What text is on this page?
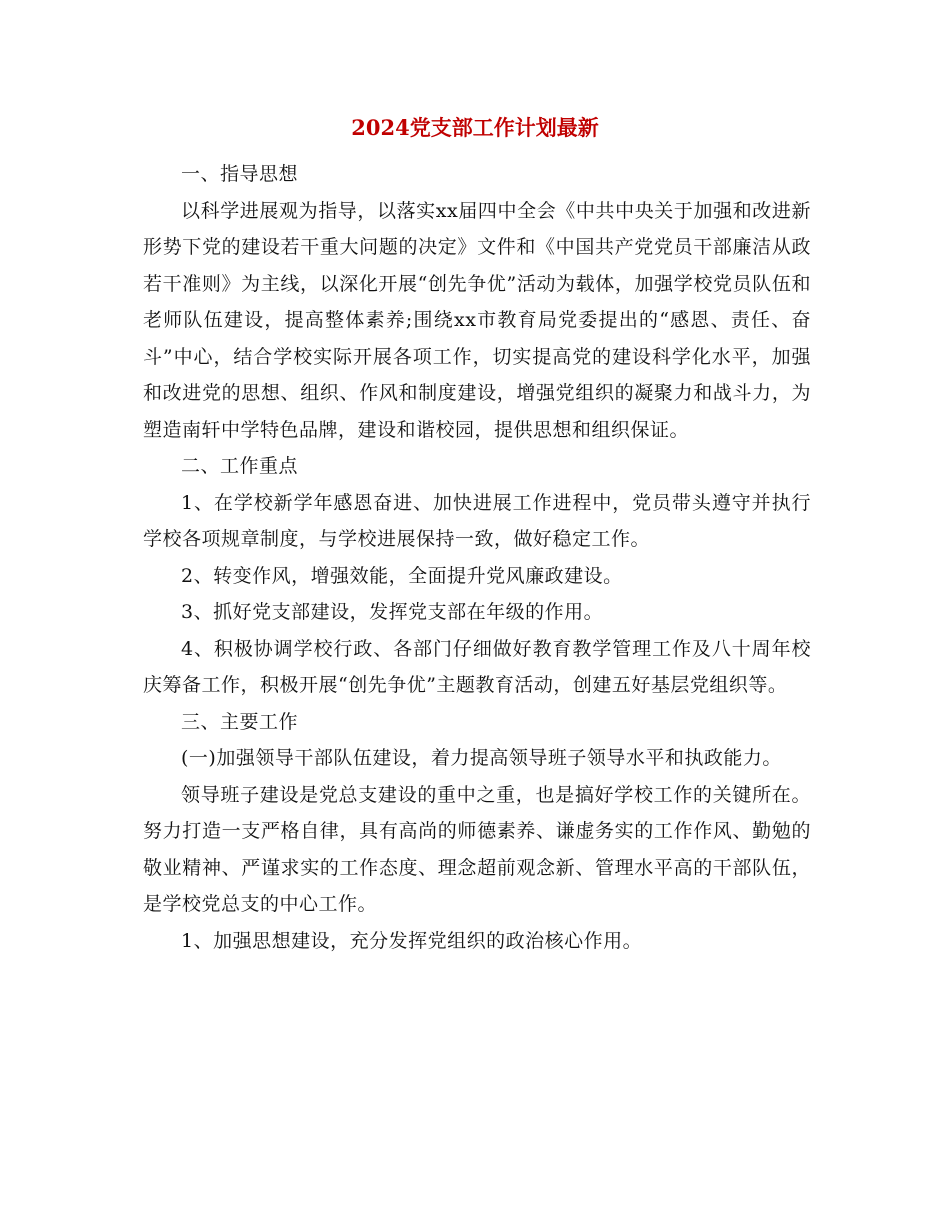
2024党支部工作计划最新

一、指导思想

以科学进展观为指导，以落实xx届四中全会《中共中央关于加强和改进新形势下党的建设若干重大问题的决定》文件和《中国共产党党员干部廉洁从政若干准则》为主线，以深化开展“创先争优”活动为载体，加强学校党员队伍和老师队伍建设，提高整体素养;围绕xx市教育局党委提出的“感恩、责任、奋斗”中心，结合学校实际开展各项工作，切实提高党的建设科学化水平，加强和改进党的思想、组织、作风和制度建设，增强党组织的凝聚力和战斗力，为塑造南轩中学特色品牌，建设和谐校园，提供思想和组织保证。

二、工作重点

1、在学校新学年感恩奋进、加快进展工作进程中，党员带头遵守并执行学校各项规章制度，与学校进展保持一致，做好稳定工作。

2、转变作风，增强效能，全面提升党风廉政建设。

3、抓好党支部建设，发挥党支部在年级的作用。

4、积极协调学校行政、各部门仔细做好教育教学管理工作及八十周年校庆筹备工作，积极开展“创先争优”主题教育活动，创建五好基层党组织等。

三、主要工作

(一)加强领导干部队伍建设，着力提高领导班子领导水平和执政能力。

领导班子建设是党总支建设的重中之重，也是搞好学校工作的关键所在。努力打造一支严格自律，具有高尚的师德素养、谦虚务实的工作作风、勤勉的敬业精神、严谨求实的工作态度、理念超前观念新、管理水平高的干部队伍，是学校党总支的中心工作。

1、加强思想建设，充分发挥党组织的政治核心作用。
